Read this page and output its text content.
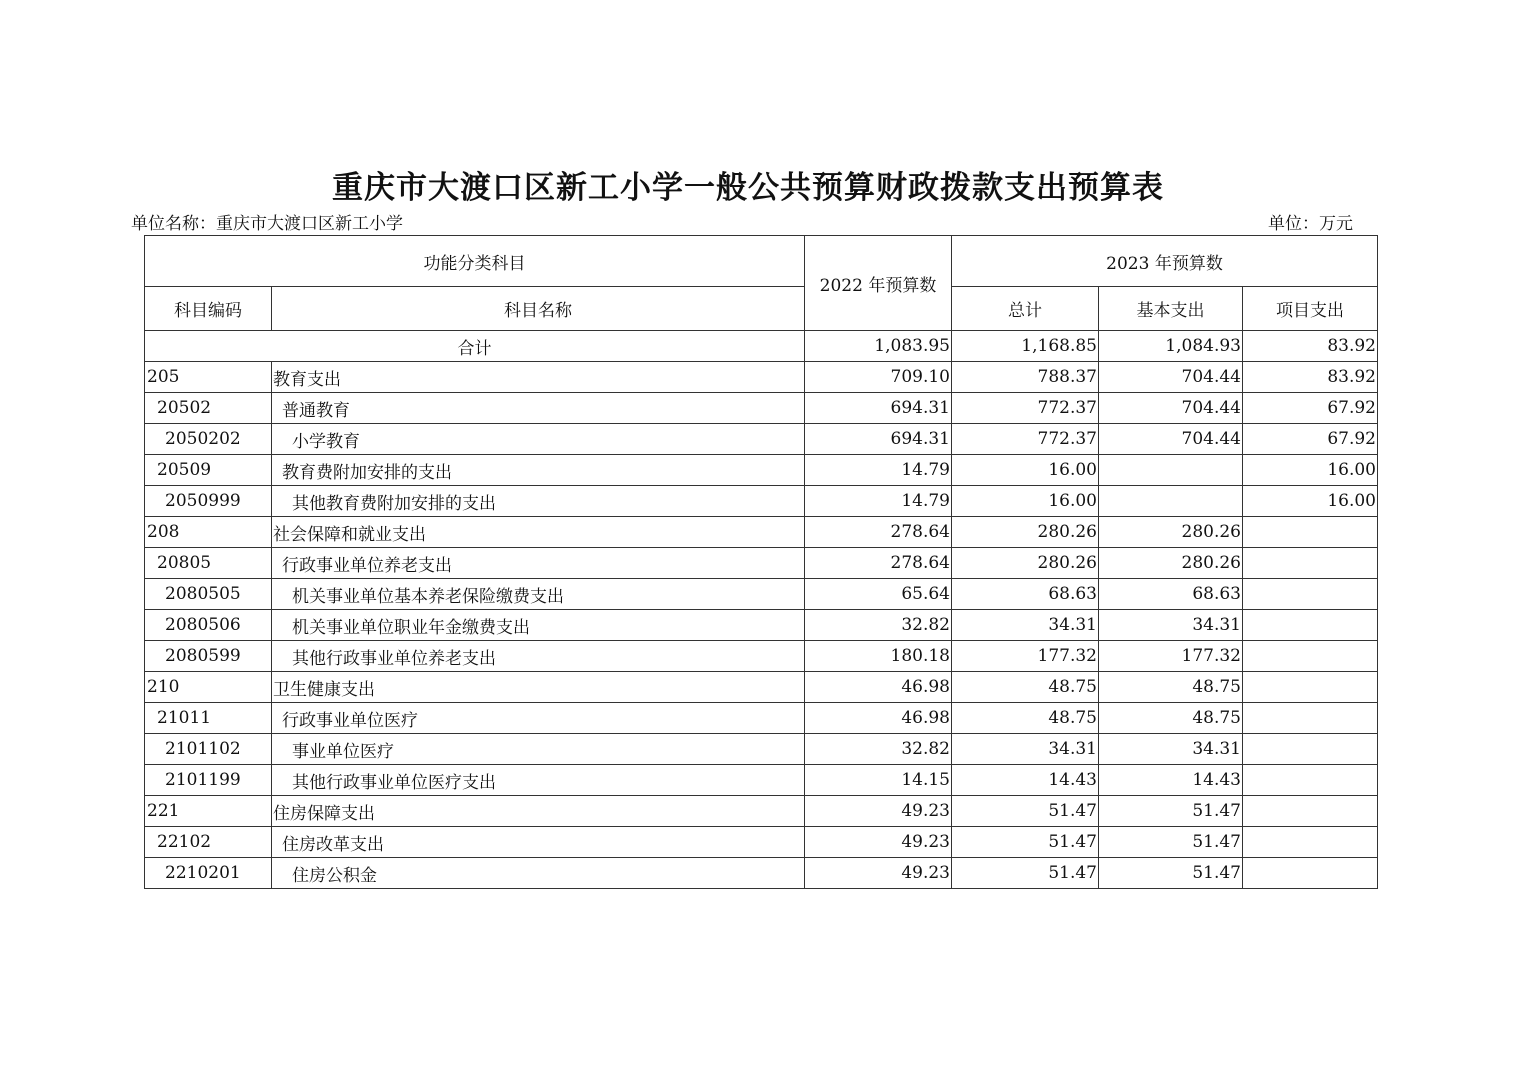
重庆市大渡口区新工小学一般公共预算财政拨款支出预算表
单位名称：重庆市大渡口区新工小学	单位：万元
功能分类科目		2022 年预算数	2023 年预算数		
科目编码	科目名称		总计	基本支出	项目支出
合计		1,083.95	1,168.85	1,084.93	83.92
205	教育支出	709.10	788.37	704.44	83.92
20502	普通教育	694.31	772.37	704.44	67.92
2050202	小学教育	694.31	772.37	704.44	67.92
20509	教育费附加安排的支出	14.79	16.00		16.00
2050999	其他教育费附加安排的支出	14.79	16.00		16.00
208	社会保障和就业支出	278.64	280.26	280.26	
20805	行政事业单位养老支出	278.64	280.26	280.26	
2080505	机关事业单位基本养老保险缴费支出	65.64	68.63	68.63	
2080506	机关事业单位职业年金缴费支出	32.82	34.31	34.31	
2080599	其他行政事业单位养老支出	180.18	177.32	177.32	
210	卫生健康支出	46.98	48.75	48.75	
21011	行政事业单位医疗	46.98	48.75	48.75	
2101102	事业单位医疗	32.82	34.31	34.31	
2101199	其他行政事业单位医疗支出	14.15	14.43	14.43	
221	住房保障支出	49.23	51.47	51.47	
22102	住房改革支出	49.23	51.47	51.47	
2210201	住房公积金	49.23	51.47	51.47	
